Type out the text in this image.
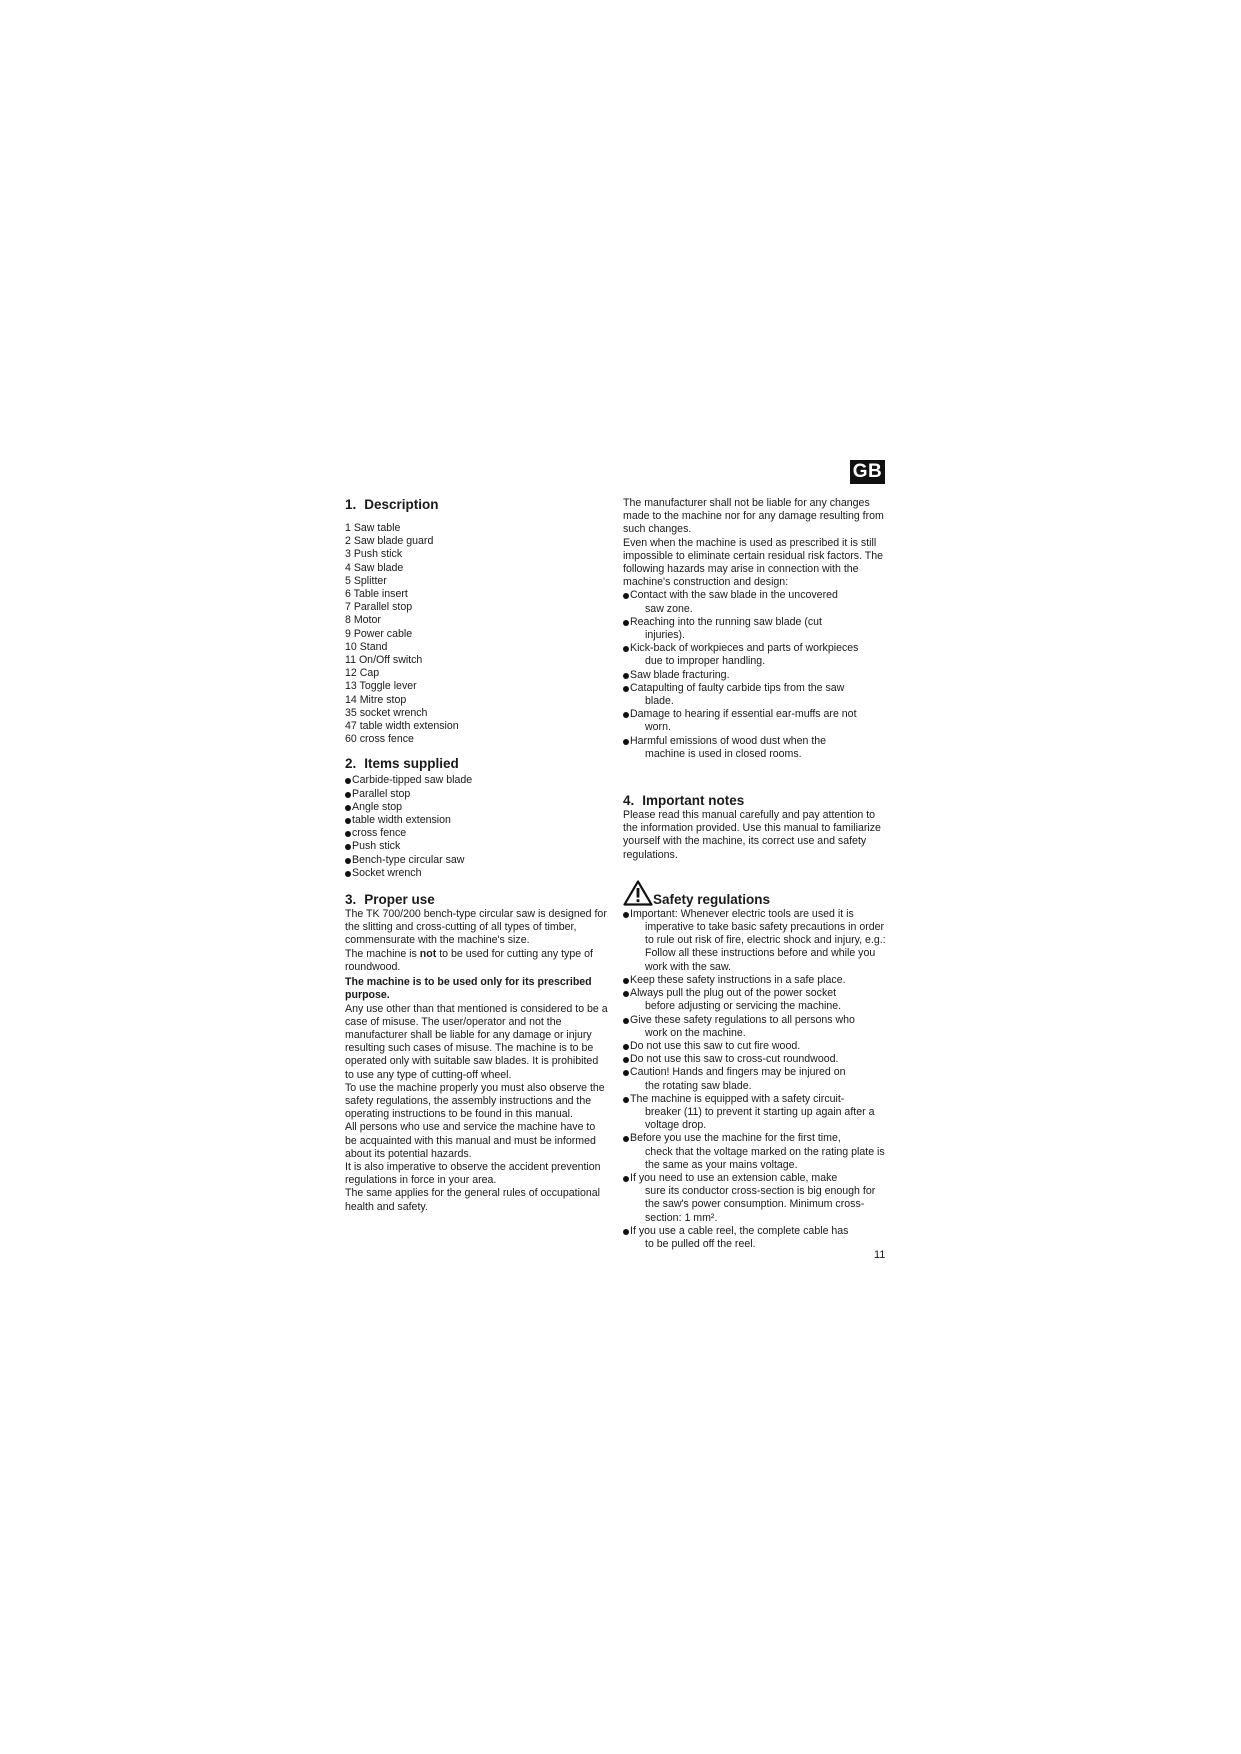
GB
1. Description
1 Saw table
2 Saw blade guard
3 Push stick
4 Saw blade
5 Splitter
6 Table insert
7 Parallel stop
8 Motor
9 Power cable
10 Stand
11 On/Off switch
12 Cap
13 Toggle lever
14 Mitre stop
35 socket wrench
47 table width extension
60 cross fence
2. Items supplied
Carbide-tipped saw blade
Parallel stop
Angle stop
table width extension
cross fence
Push stick
Bench-type circular saw
Socket wrench
3. Proper use

The TK 700/200 bench-type circular saw is designed for the slitting and cross-cutting of all types of timber, commensurate with the machine's size.

The machine is not to be used for cutting any type of roundwood.

The machine is to be used only for its prescribed purpose.

Any use other than that mentioned is considered to be a case of misuse. The user/operator and not the manufacturer shall be liable for any damage or injury resulting such cases of misuse. The machine is to be operated only with suitable saw blades. It is prohibited to use any type of cutting-off wheel.

To use the machine properly you must also observe the safety regulations, the assembly instructions and the operating instructions to be found in this manual.

All persons who use and service the machine have to be acquainted with this manual and must be informed about its potential hazards.

It is also imperative to observe the accident prevention regulations in force in your area.

The same applies for the general rules of occupational health and safety.

The manufacturer shall not be liable for any changes made to the machine nor for any damage resulting from such changes.

Even when the machine is used as prescribed it is still impossible to eliminate certain residual risk factors. The following hazards may arise in connection with the machine's construction and design:

Contact with the saw blade in the uncovered
saw zone.
Reaching into the running saw blade (cut
injuries).
Kick-back of workpieces and parts of workpieces
due to improper handling.
Saw blade fracturing.
Catapulting of faulty carbide tips from the saw
blade.
Damage to hearing if essential ear-muffs are not
worn.
Harmful emissions of wood dust when the
machine is used in closed rooms.
4. Important notes

Please read this manual carefully and pay attention to the information provided. Use this manual to familiarize yourself with the machine, its correct use and safety regulations.

Safety regulations
Important: Whenever electric tools are used it is
imperative to take basic safety precautions in order to rule out risk of fire, electric shock and injury, e.g.: Follow all these instructions before and while you work with the saw.
Keep these safety instructions in a safe place.
Always pull the plug out of the power socket
before adjusting or servicing the machine.
Give these safety regulations to all persons who
work on the machine.
Do not use this saw to cut fire wood.
Do not use this saw to cross-cut roundwood.
Caution! Hands and fingers may be injured on
the rotating saw blade.
The machine is equipped with a safety circuit-
breaker (11) to prevent it starting up again after a voltage drop.
Before you use the machine for the first time,
check that the voltage marked on the rating plate is the same as your mains voltage.
If you need to use an extension cable, make
sure its conductor cross-section is big enough for the saw's power consumption. Minimum cross-section: 1 mm².
If you use a cable reel, the complete cable has
to be pulled off the reel.
11
